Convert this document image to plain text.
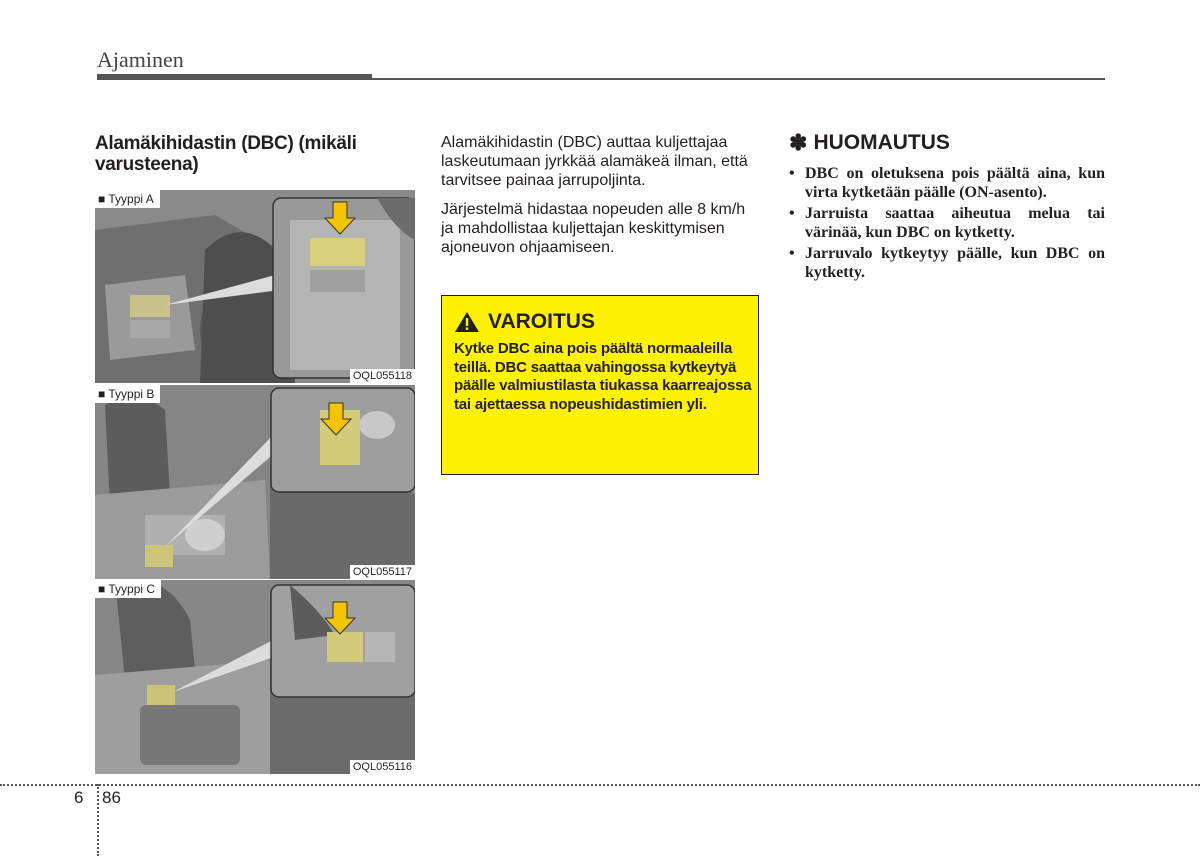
Ajaminen
Alamäkihidastin (DBC) (mikäli varusteena)
■ Tyyppi A
OQL055118
■ Tyyppi B
OQL055117
■ Tyyppi C
OQL055116

Alamäkihidastin (DBC) auttaa kuljettajaa laskeutumaan jyrkkää alamäkeä ilman, että tarvitsee painaa jarrupoljinta.

Järjestelmä hidastaa nopeuden alle 8 km/h ja mahdollistaa kuljettajan keskittymisen ajoneuvon ohjaamiseen.

VAROITUS
Kytke DBC aina pois päältä normaaleilla teillä. DBC saattaa vahingossa kytkeytyä päälle valmiustilasta tiukassa kaarreajossa tai ajettaessa nopeushidastimien yli.
✽ HUOMAUTUS
• DBC on oletuksena pois päältä aina, kun virta kytketään päälle (ON-asento).
• Jarruista saattaa aiheutua melua tai värinää, kun DBC on kytketty.
• Jarruvalo kytkeytyy päälle, kun DBC on kytketty.
6 86
